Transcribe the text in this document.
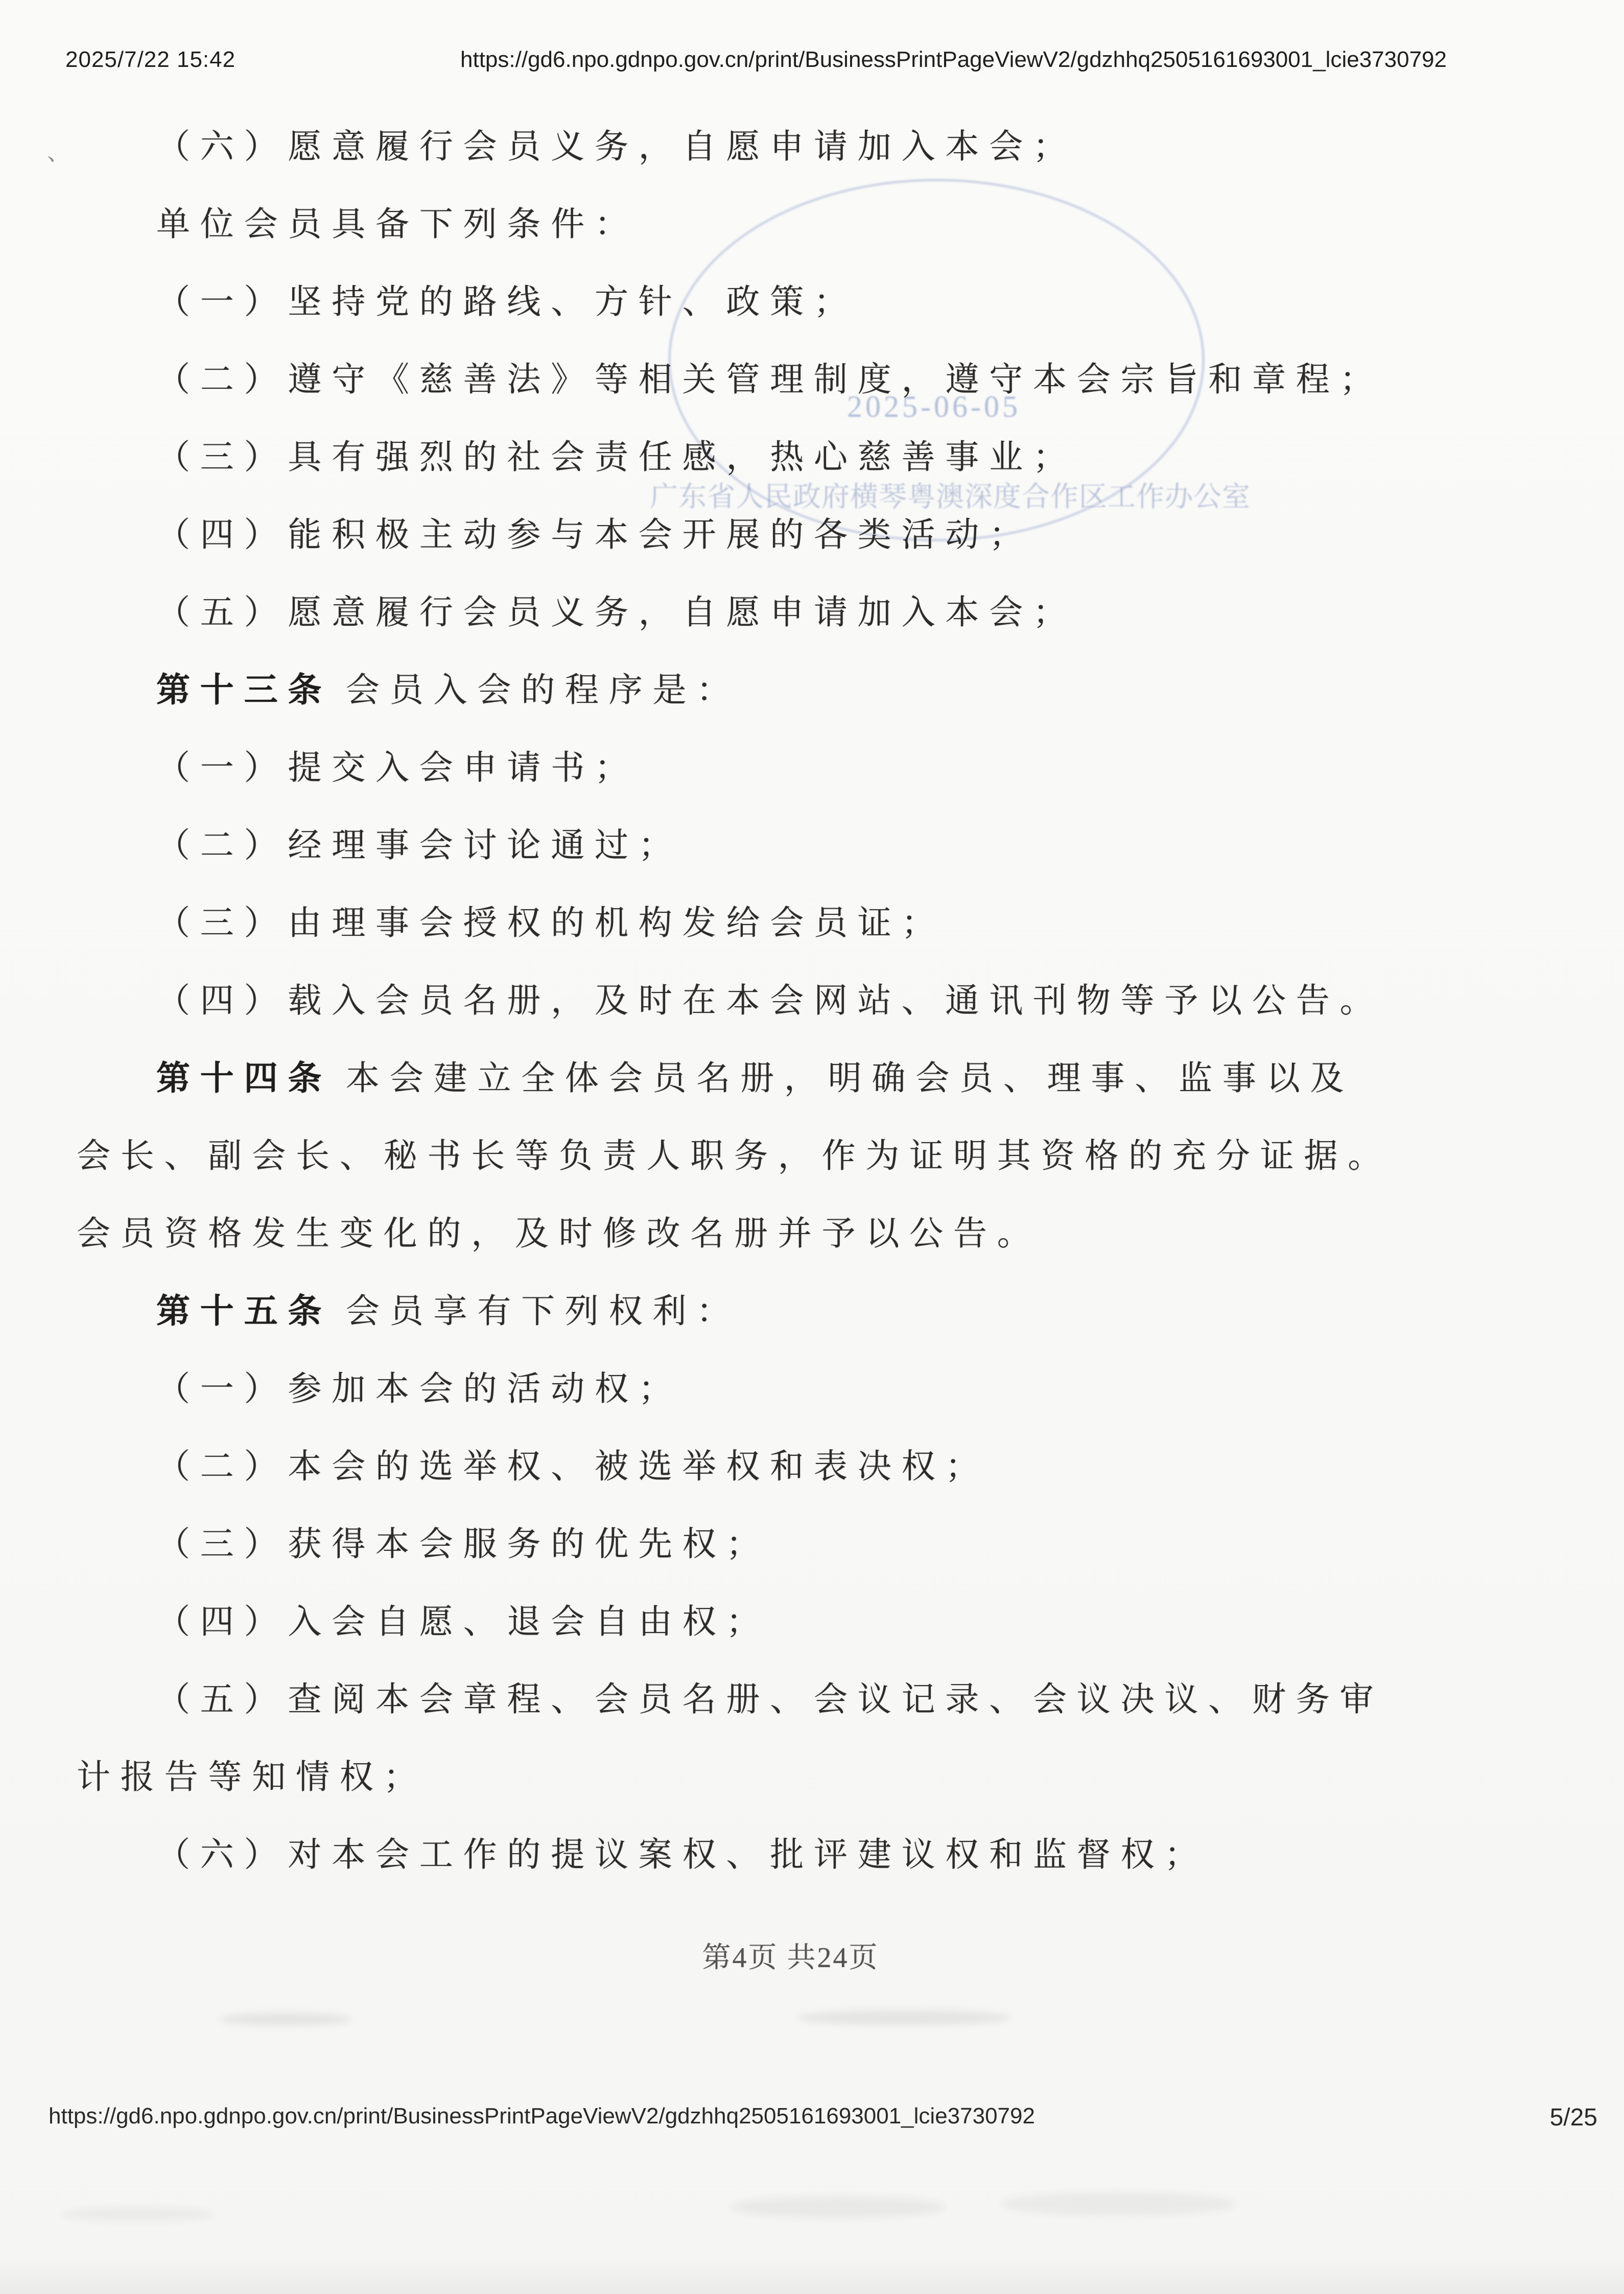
2025/7/22 15:42	https://gd6.npo.gdnpo.gov.cn/print/BusinessPrintPageViewV2/gdzhhq2505161693001_lcie3730792
2025-06-05
广东省人民政府横琴粤澳深度合作区工作办公室
、	（六）愿意履行会员义务，自愿申请加入本会；
单位会员具备下列条件：
（一）坚持党的路线、方针、政策；
（二）遵守《慈善法》等相关管理制度，遵守本会宗旨和章程；
（三）具有强烈的社会责任感，热心慈善事业；
（四）能积极主动参与本会开展的各类活动；
（五）愿意履行会员义务，自愿申请加入本会；
第十三条 会员入会的程序是：
（一）提交入会申请书；
（二）经理事会讨论通过；
（三）由理事会授权的机构发给会员证；
（四）载入会员名册，及时在本会网站、通讯刊物等予以公告。
第十四条 本会建立全体会员名册，明确会员、理事、监事以及
会长、副会长、秘书长等负责人职务，作为证明其资格的充分证据。
会员资格发生变化的，及时修改名册并予以公告。
第十五条 会员享有下列权利：
（一）参加本会的活动权；
（二）本会的选举权、被选举权和表决权；
（三）获得本会服务的优先权；
（四）入会自愿、退会自由权；
（五）查阅本会章程、会员名册、会议记录、会议决议、财务审
计报告等知情权；
（六）对本会工作的提议案权、批评建议权和监督权；
第4页 共24页
https://gd6.npo.gdnpo.gov.cn/print/BusinessPrintPageViewV2/gdzhhq2505161693001_lcie3730792	5/25
